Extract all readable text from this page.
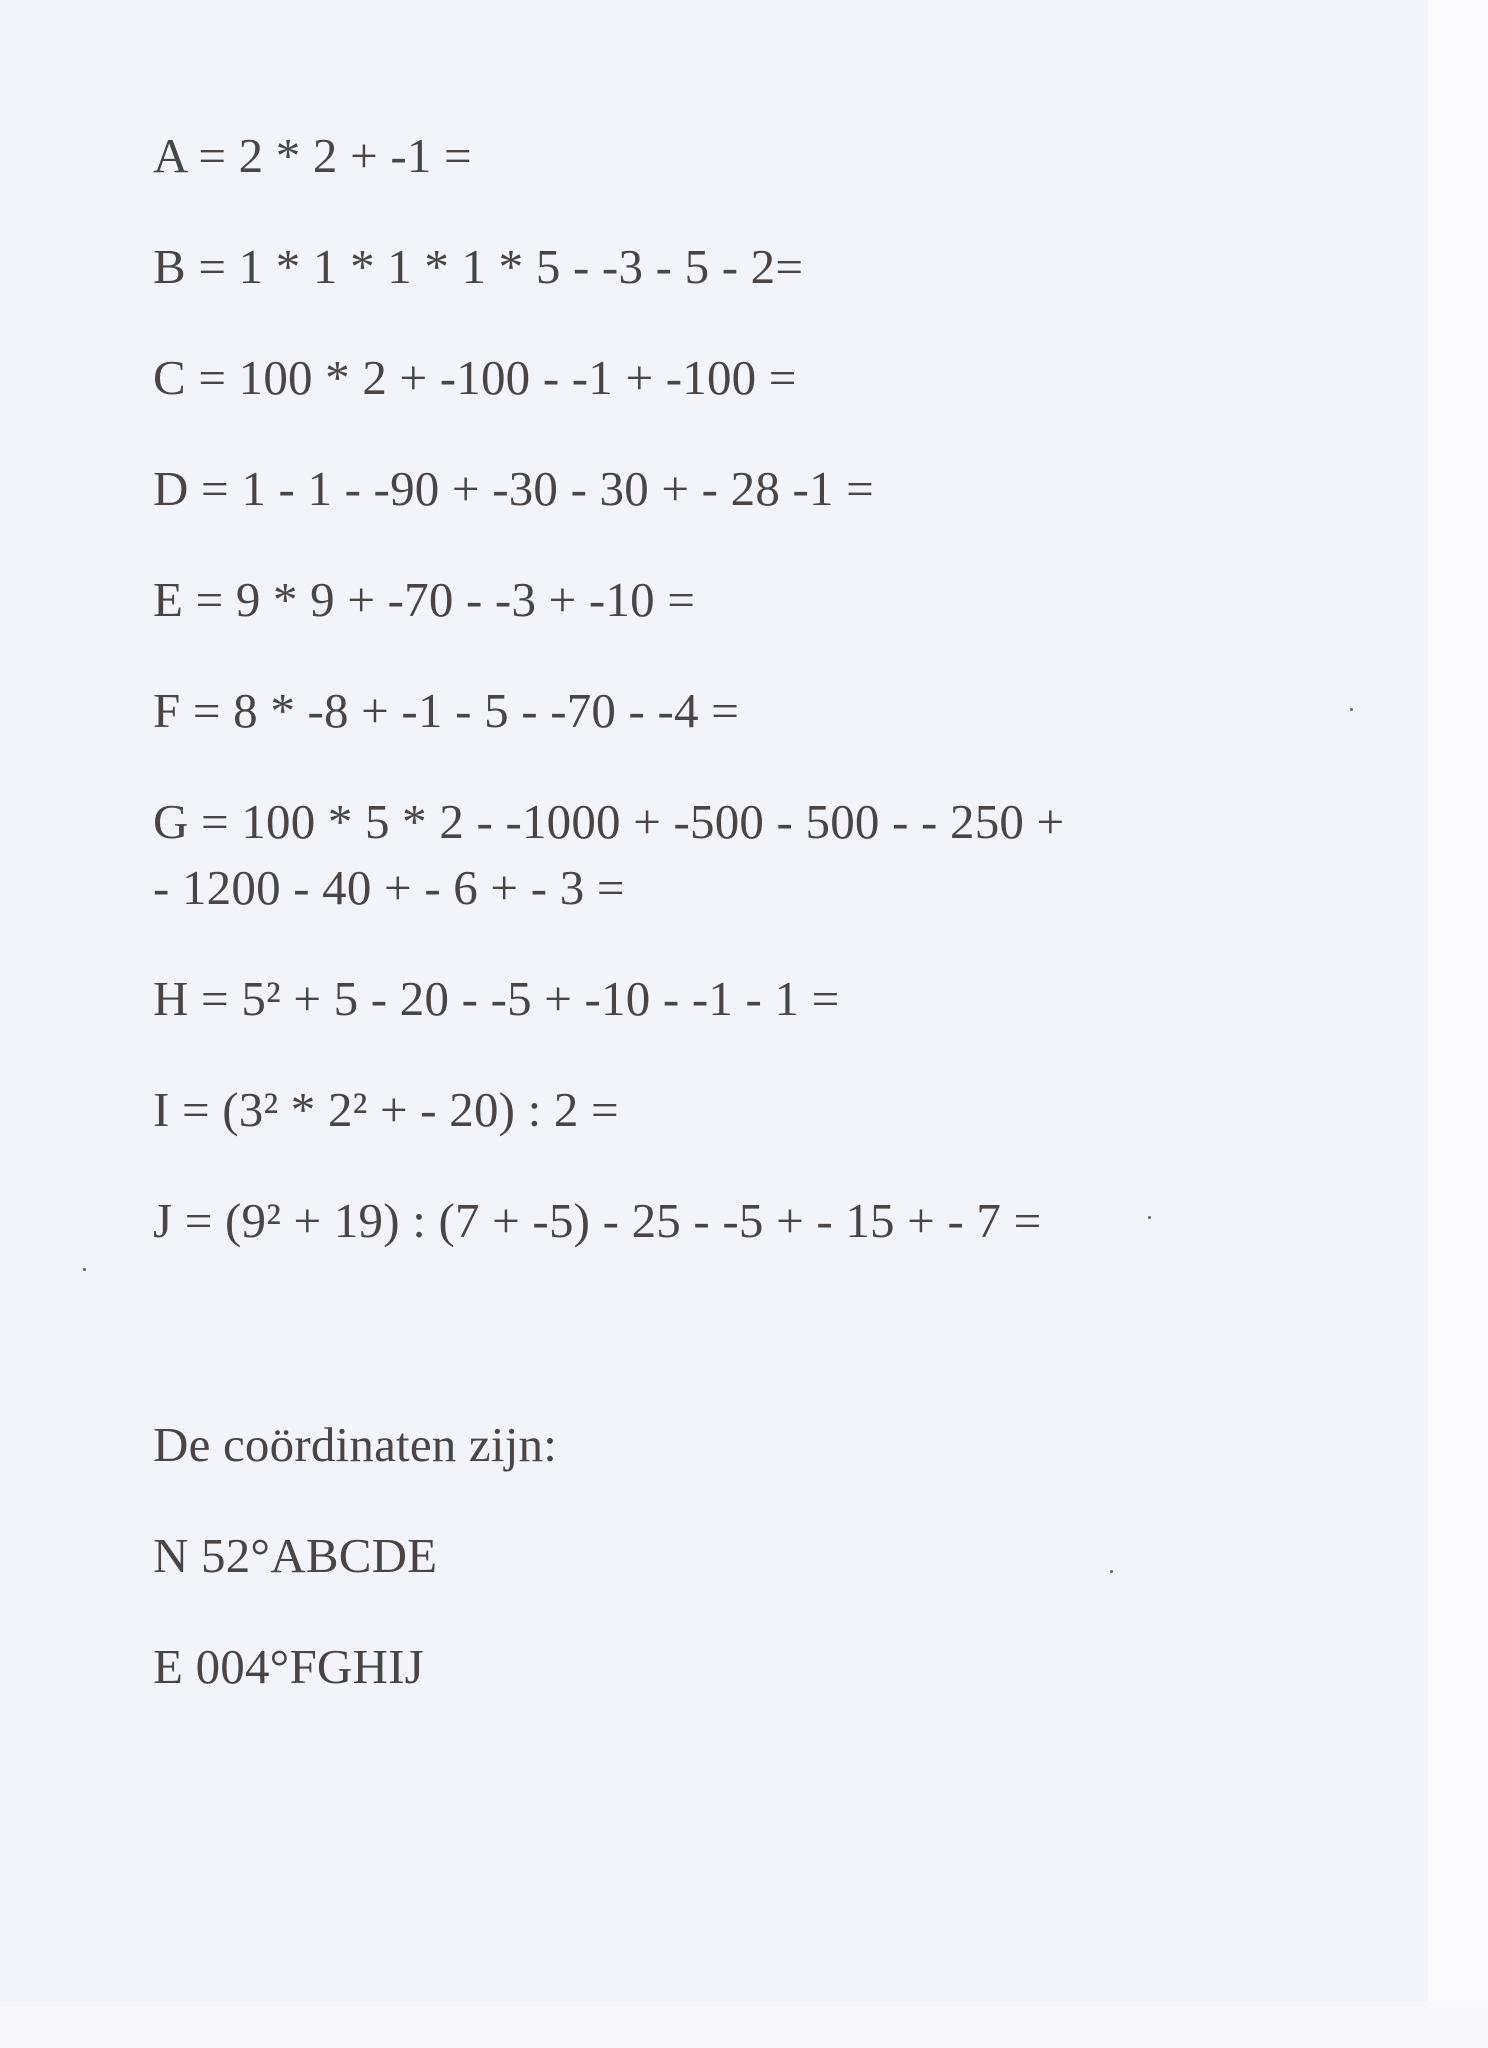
A = 2 * 2 + -1 =

B = 1 * 1 * 1 * 1 * 5 - -3 - 5 - 2=

C = 100 * 2 + -100 - -1 + -100 =

D = 1 - 1 - -90 + -30 - 30 + - 28 -1 =

E = 9 * 9 + -70 - -3 + -10 =

F = 8 * -8 + -1 - 5 - -70 - -4 =

G = 100 * 5 * 2 - -1000 + -500 - 500 - - 250 +

- 1200 - 40 + - 6 + - 3 =

H = 5² + 5 - 20 - -5 + -10 - -1 - 1 =

I = (3² * 2² + - 20) : 2 =

J = (9² + 19) : (7 + -5) - 25 - -5 + - 15 + - 7 =

De coördinaten zijn:

N 52°ABCDE

E 004°FGHIJ
